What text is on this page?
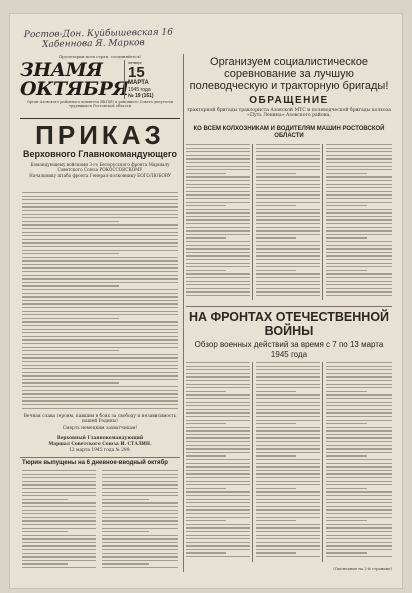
Ростов-Дон. Куйбышевская 16
Хабеннова Я. Марков
Пролетарии всех стран, соединяйтесь!
ЗНАМЯ ОКТЯБРЯ
четверг
15
МАРТА
1945 года
№ 19 (161)
Орган Азовского районного комитета ВКП(б) и районного Совета депутатов трудящихся Ростовской области
Организуем социалистическое соревнование за лучшую полеводческую и тракторную бригады!
ОБРАЩЕНИЕ
тракторной бригады тракториста Азовской МТС и полеводческой бригады колхоза «Путь Ленина» Азовского района,
КО ВСЕМ КОЛХОЗНИКАМ И ВОДИТЕЛЯМ МАШИН РОСТОВСКОЙ ОБЛАСТИ
ПРИКАЗ
Верховного Главнокомандующего
Командующему войсками 3-го Белорусского фронта Маршалу Советского Союза РОКОССОВСКОМУ
Начальнику штаба фронта Генерал-полковнику БОГОЛЮБОВУ
Вечная слава героям, павшим в боях за свободу и независимость нашей Родины!
Смерть немецким захватчикам!
Верховный Главнокомандующий
Маршал Советского Союза И. СТАЛИН.
12 марта 1945 года № 299.
Тюрин выпущены на 6 дневное-вводный октябр
НА ФРОНТАХ ОТЕЧЕСТВЕННОЙ ВОЙНЫ
Обзор военных действий за время с 7 по 13 марта 1945 года
(Окончание на 2-й странице)
